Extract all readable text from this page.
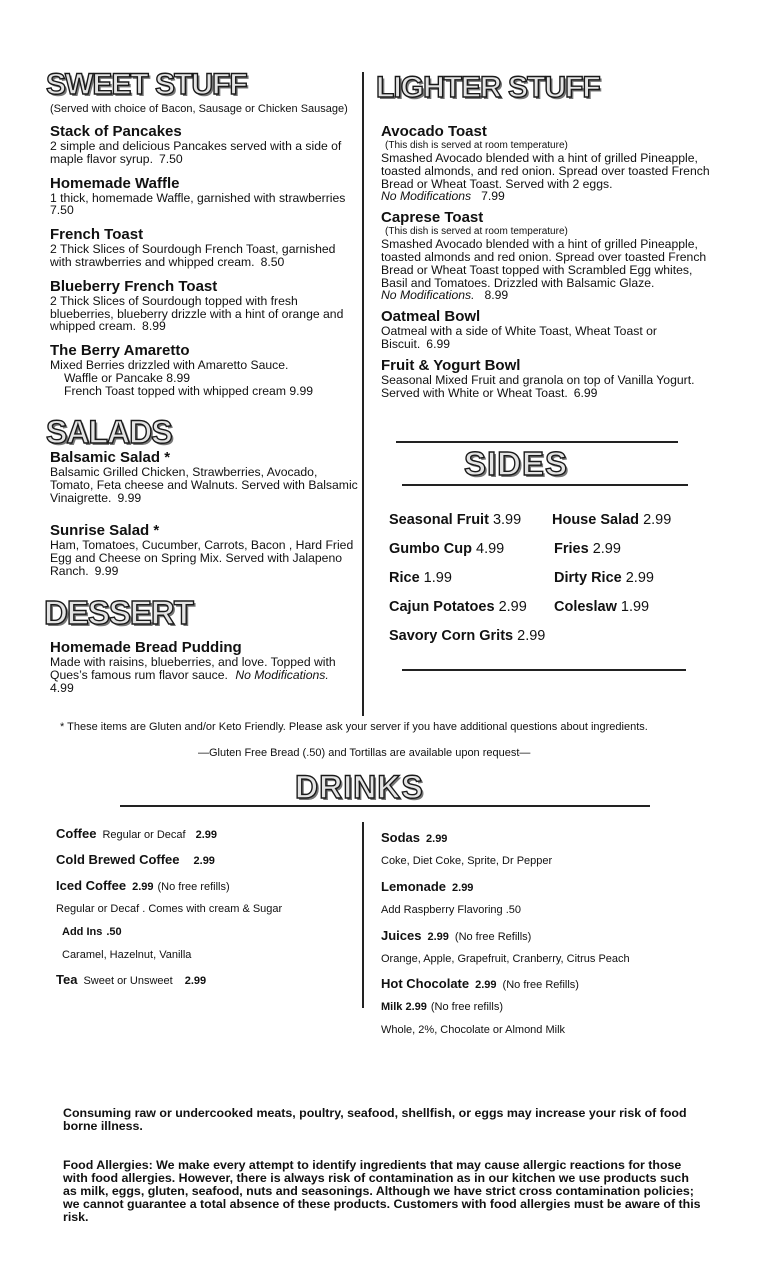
SWEET STUFF
(Served with choice of Bacon, Sausage or Chicken Sausage)

Stack of Pancakes

2 simple and delicious Pancakes served with a side of maple flavor syrup. 7.50

Homemade Waffle

1 thick, homemade Waffle, garnished with strawberries
7.50

French Toast

2 Thick Slices of Sourdough French Toast, garnished with strawberries and whipped cream. 8.50

Blueberry French Toast

2 Thick Slices of Sourdough topped with fresh blueberries, blueberry drizzle with a hint of orange and whipped cream. 8.99

The Berry Amaretto

Mixed Berries drizzled with Amaretto Sauce.

Waffle or Pancake 8.99

French Toast topped with whipped cream 9.99

SALADS

Balsamic Salad *

Balsamic Grilled Chicken, Strawberries, Avocado, Tomato, Feta cheese and Walnuts. Served with Balsamic Vinaigrette. 9.99

Sunrise Salad *

Ham, Tomatoes, Cucumber, Carrots, Bacon , Hard Fried Egg and Cheese on Spring Mix. Served with Jalapeno Ranch. 9.99

DESSERT

Homemade Bread Pudding

Made with raisins, blueberries, and love. Topped with Ques’s famous rum flavor sauce. No Modifications.
4.99

LIGHTER STUFF

Avocado Toast

(This dish is served at room temperature)

Smashed Avocado blended with a hint of grilled Pineapple, toasted almonds, and red onion. Spread over toasted French Bread or Wheat Toast. Served with 2 eggs.

No Modifications 7.99

Caprese Toast

(This dish is served at room temperature)

Smashed Avocado blended with a hint of grilled Pineapple, toasted almonds and red onion. Spread over toasted French Bread or Wheat Toast topped with Scrambled Egg whites, Basil and Tomatoes. Drizzled with Balsamic Glaze.

No Modifications. 8.99

Oatmeal Bowl

Oatmeal with a side of White Toast, Wheat Toast or Biscuit. 6.99

Fruit & Yogurt Bowl

Seasonal Mixed Fruit and granola on top of Vanilla Yogurt. Served with White or Wheat Toast. 6.99

SIDES
Seasonal Fruit 3.99 House Salad 2.99
Gumbo Cup 4.99	Fries 2.99
Rice 1.99	Dirty Rice 2.99
Cajun Potatoes 2.99 Coleslaw 1.99
Savory Corn Grits 2.99
* These items are Gluten and/or Keto Friendly. Please ask your server if you have additional questions about ingredients.
—Gluten Free Bread (.50) and Tortillas are available upon request—
DRINKS
Coffee Regular or Decaf 2.99
Cold Brewed Coffee 2.99
Iced Coffee 2.99 (No free refills)
Regular or Decaf . Comes with cream & Sugar
Add Ins .50
Caramel, Hazelnut, Vanilla
Tea Sweet or Unsweet 2.99
Sodas 2.99
Coke, Diet Coke, Sprite, Dr Pepper
Lemonade 2.99
Add Raspberry Flavoring .50
Juices 2.99 (No free Refills)
Orange, Apple, Grapefruit, Cranberry, Citrus Peach
Hot Chocolate 2.99 (No free Refills)
Milk 2.99 (No free refills)
Whole, 2%, Chocolate or Almond Milk

Consuming raw or undercooked meats, poultry, seafood, shellfish, or eggs may increase your risk of food borne illness.

Food Allergies: We make every attempt to identify ingredients that may cause allergic reactions for those with food allergies. However, there is always risk of contamination as in our kitchen we use products such as milk, eggs, gluten, seafood, nuts and seasonings. Although we have strict cross contamination policies; we cannot guarantee a total absence of these products. Customers with food allergies must be aware of this risk.
